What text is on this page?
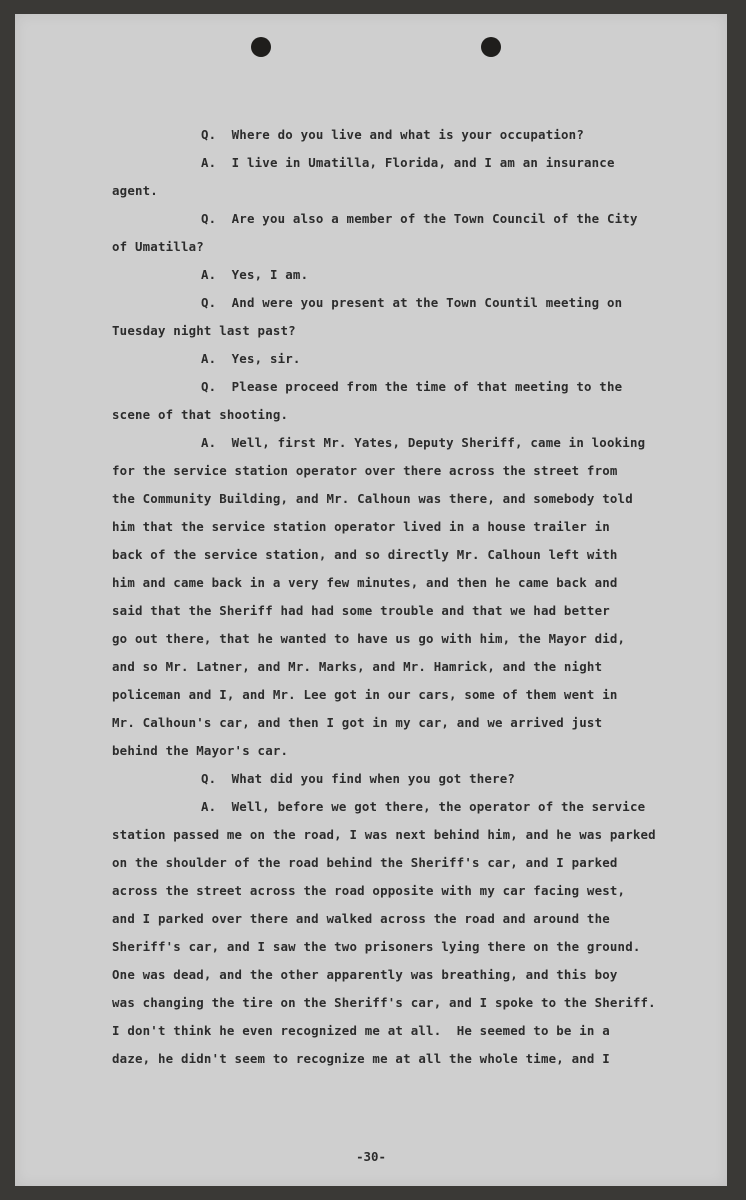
Q.  Where do you live and what is your occupation?
A.  I live in Umatilla, Florida, and I am an insurance
agent.
Q.  Are you also a member of the Town Council of the City
of Umatilla?
A.  Yes, I am.
Q.  And were you present at the Town Countil meeting on
Tuesday night last past?
A.  Yes, sir.
Q.  Please proceed from the time of that meeting to the
scene of that shooting.
A.  Well, first Mr. Yates, Deputy Sheriff, came in looking
for the service station operator over there across the street from
the Community Building, and Mr. Calhoun was there, and somebody told
him that the service station operator lived in a house trailer in
back of the service station, and so directly Mr. Calhoun left with
him and came back in a very few minutes, and then he came back and
said that the Sheriff had had some trouble and that we had better
go out there, that he wanted to have us go with him, the Mayor did,
and so Mr. Latner, and Mr. Marks, and Mr. Hamrick, and the night
policeman and I, and Mr. Lee got in our cars, some of them went in
Mr. Calhoun's car, and then I got in my car, and we arrived just
behind the Mayor's car.
Q.  What did you find when you got there?
A.  Well, before we got there, the operator of the service
station passed me on the road, I was next behind him, and he was parked
on the shoulder of the road behind the Sheriff's car, and I parked
across the street across the road opposite with my car facing west,
and I parked over there and walked across the road and around the
Sheriff's car, and I saw the two prisoners lying there on the ground.
One was dead, and the other apparently was breathing, and this boy
was changing the tire on the Sheriff's car, and I spoke to the Sheriff.
I don't think he even recognized me at all.  He seemed to be in a
daze, he didn't seem to recognize me at all the whole time, and I
-30-
